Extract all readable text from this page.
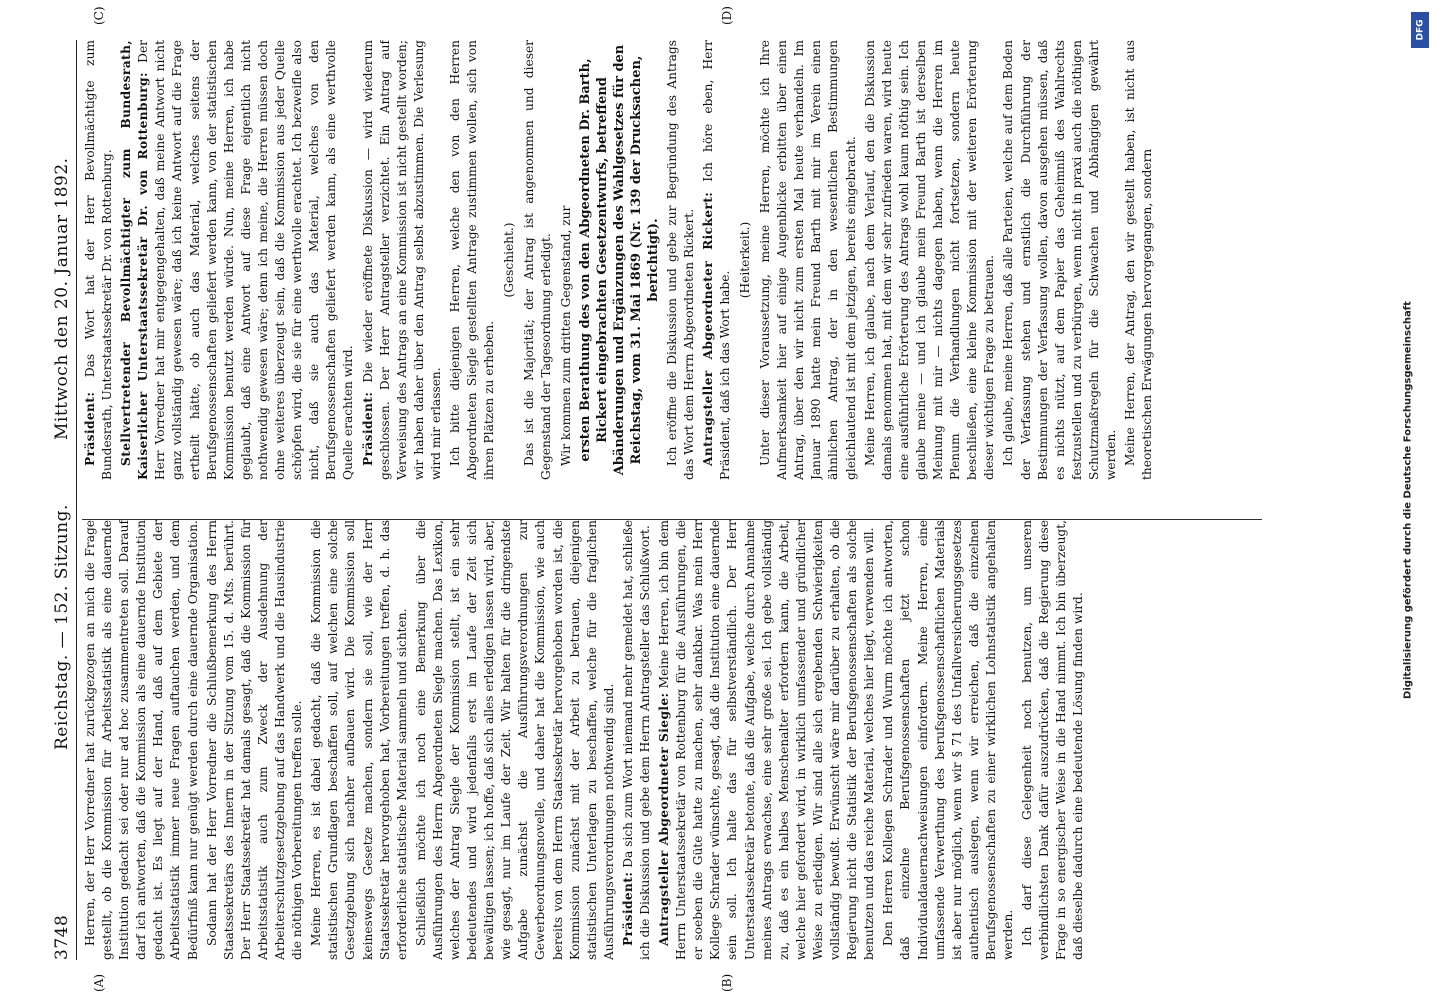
3748
Reichstag. — 152. Sitzung.
Mittwoch den 20. Januar 1892.
(A)	(B)
(C)	(D)

Herren, der Herr Vorredner hat zurückgezogen an mich die Frage gestellt, ob die Kommission für Arbeitsstatistik als eine dauernde Institution gedacht sei oder nur ad hoc zusammentreten soll. Darauf darf ich antworten, daß die Kommission als eine dauernde Institution gedacht ist. Es liegt auf der Hand, daß auf dem Gebiete der Arbeitsstatistik immer neue Fragen auftauchen werden, und dem Bedürfniß kann nur genügt werden durch eine dauernde Organisation. Sodann hat der Herr Vorredner die Schlußbemerkung des Herrn Staatssekretärs des Innern in der Sitzung vom 15. d. Mts. berührt. Der Herr Staatssekretär hat damals gesagt, daß die Kommission für Arbeitsstatistik auch zum Zweck der Ausdehnung der Arbeiterschutzgesetzgebung auf das Handwerk und die Hausindustrie die nöthigen Vorbereitungen treffen solle. Meine Herren, es ist dabei gedacht, daß die Kommission die statistischen Grundlagen beschaffen soll, auf welchen eine solche Gesetzgebung sich nachher aufbauen wird. Die Kommission soll keineswegs Gesetze machen, sondern sie soll, wie der Herr Staatssekretär hervorgehoben hat, Vorbereitungen treffen, d. h. das erforderliche statistische Material sammeln und sichten. Schließlich möchte ich noch eine Bemerkung über die Ausführungen des Herrn Abgeordneten Siegle machen. Das Lexikon, welches der Antrag Siegle der Kommission stellt, ist ein sehr bedeutendes und wird jedenfalls erst im Laufe der Zeit sich bewältigen lassen; ich hoffe, daß sich alles erledigen lassen wird, aber, wie gesagt, nur im Laufe der Zeit. Wir halten für die dringendste Aufgabe zunächst die Ausführungsverordnungen zur Gewerbeordnungsnovelle, und daher hat die Kommission, wie auch bereits von dem Herrn Staatssekretär hervorgehoben worden ist, die Kommission zunächst mit der Arbeit zu betrauen, diejenigen statistischen Unterlagen zu beschaffen, welche für die fraglichen Ausführungsverordnungen nothwendig sind. Präsident: Da sich zum Wort niemand mehr gemeldet hat, schließe ich die Diskussion und gebe dem Herrn Antragsteller das Schlußwort. Antragsteller Abgeordneter Siegle: Meine Herren, ich bin dem Herrn Unterstaatssekretär von Rottenburg für die Ausführungen, die er soeben die Güte hatte zu machen, sehr dankbar. Was mein Herr Kollege Schrader wünschte, gesagt, daß die Institution eine dauernde sein soll. Ich halte das für selbstverständlich. Der Herr Unterstaatssekretär betonte, daß die Aufgabe, welche durch Annahme meines Antrags erwachse, eine sehr große sei. Ich gebe vollständig zu, daß es ein halbes Menschenalter erfordern kann, die Arbeit, welche hier gefordert wird, in wirklich umfassender und gründlicher Weise zu erledigen. Wir sind alle sich ergebenden Schwierigkeiten vollständig bewußt. Erwünscht wäre mir darüber zu erhalten, ob die Regierung nicht die Statistik der Berufsgenossenschaften als solche benutzen und das reiche Material, welches hier liegt, verwenden will. Den Herren Kollegen Schrader und Wurm möchte ich antworten, daß einzelne Berufsgenossenschaften jetzt schon Individualdauernachweisungen einfordern. Meine Herren, eine umfassende Verwerthung des berufsgenossenschaftlichen Materials ist aber nur möglich, wenn wir § 71 des Unfallversicherungsgesetzes authentisch auslegen, wenn wir erreichen, daß die einzelnen Berufsgenossenschaften zu einer wirklichen Lohnstatistik angehalten werden. Ich darf diese Gelegenheit noch benutzen, um unseren verbindlichsten Dank dafür auszudrücken, daß die Regierung diese Frage in so energischer Weise in die Hand nimmt. Ich bin überzeugt, daß dieselbe dadurch eine bedeutende Lösung finden wird.

Präsident: Das Wort hat der Herr Bevollmächtigte zum Bundesrath, Unterstaatssekretär Dr. von Rottenburg. Stellvertretender Bevollmächtigter zum Bundesrath, Kaiserlicher Unterstaatssekretär Dr. von Rottenburg: Der Herr Vorredner hat mir entgegengehalten, daß meine Antwort nicht ganz vollständig gewesen wäre; daß ich keine Antwort auf die Frage ertheilt hätte, ob auch das Material, welches seitens der Berufsgenossenschaften geliefert werden kann, von der statistischen Kommission benutzt werden würde. Nun, meine Herren, ich habe geglaubt, daß eine Antwort auf diese Frage eigentlich nicht nothwendig gewesen wäre; denn ich meine, die Herren müssen doch ohne weiteres überzeugt sein, daß die Kommission aus jeder Quelle schöpfen wird, die sie für eine werthvolle erachtet. Ich bezweifle also nicht, daß sie auch das Material, welches von den Berufsgenossenschaften geliefert werden kann, als eine werthvolle Quelle erachten wird. Präsident: Die wieder eröffnete Diskussion — wird wiederum geschlossen. Der Herr Antragsteller verzichtet. Ein Antrag auf Verweisung des Antrags an eine Kommission ist nicht gestellt worden; wir haben daher über den Antrag selbst abzustimmen. Die Verlesung wird mir erlassen. Ich bitte diejenigen Herren, welche den von den Herren Abgeordneten Siegle gestellten Antrage zustimmen wollen, sich von ihren Plätzen zu erheben.

(Geschieht.) Das ist die Majorität; der Antrag ist angenommen und dieser Gegenstand der Tagesordnung erledigt. Wir kommen zum dritten Gegenstand, zur ersten Berathung des von den Abgeordneten Dr. Barth, Rickert eingebrachten Gesetzentwurfs, betreffend Abänderungen und Ergänzungen des Wahlgesetzes für den Reichstag, vom 31. Mai 1869 (Nr. 139 der Drucksachen, berichtigt). Ich eröffne die Diskussion und gebe zur Begründung des Antrags das Wort dem Herrn Abgeordneten Rickert. Antragsteller Abgeordneter Rickert: Ich höre eben, Herr Präsident, daß ich das Wort habe.

(Heiterkeit.) Unter dieser Voraussetzung, meine Herren, möchte ich Ihre Aufmerksamkeit hier auf einige Augenblicke erbitten über einen Antrag, über den wir nicht zum ersten Mal heute verhandeln. Im Januar 1890 hatte mein Freund Barth mit mir im Verein einen ähnlichen Antrag, der in den wesentlichen Bestimmungen gleichlautend ist mit dem jetzigen, bereits eingebracht. Meine Herren, ich glaube, nach dem Verlauf, den die Diskussion damals genommen hat, mit dem wir sehr zufrieden waren, wird heute eine ausführliche Erörterung des Antrags wohl kaum nöthig sein. Ich glaube meine — und ich glaube mein Freund Barth ist derselben Meinung mit mir — nichts dagegen haben, wenn die Herren im Plenum die Verhandlungen nicht fortsetzen, sondern heute beschließen, eine kleine Kommission mit der weiteren Erörterung dieser wichtigen Frage zu betrauen. Ich glaube, meine Herren, daß alle Parteien, welche auf dem Boden der Verfassung stehen und ernstlich die Durchführung der Bestimmungen der Verfassung wollen, davon ausgehen müssen, daß es nichts nützt, auf dem Papier das Geheimniß des Wahlrechts festzustellen und zu verbürgen, wenn nicht in praxi auch die nöthigen Schutzmaßregeln für die Schwachen und Abhängigen gewährt werden. Meine Herren, der Antrag, den wir gestellt haben, ist nicht aus theoretischen Erwägungen hervorgegangen, sondern

DFG
Digitalisierung gefördert durch die Deutsche Forschungsgemeinschaft
